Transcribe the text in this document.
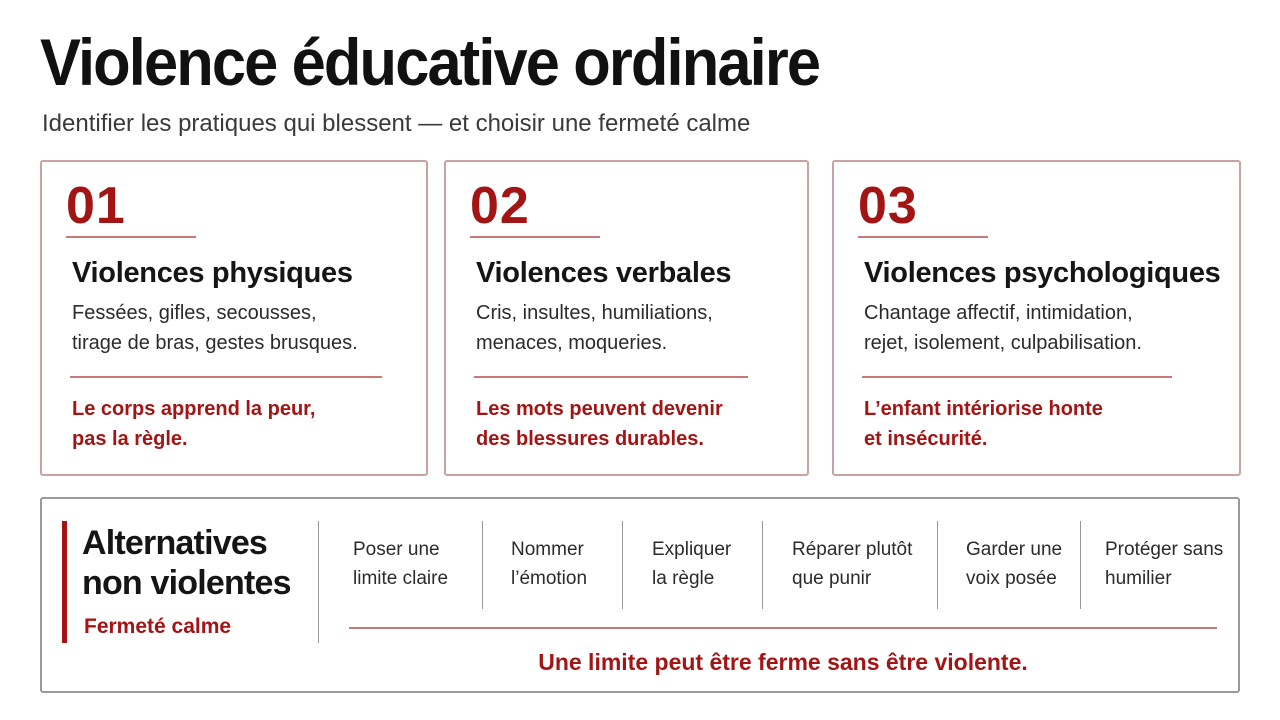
Violence éducative ordinaire
Identifier les pratiques qui blessent — et choisir une fermeté calme
01
Violences physiques
Fessées, gifles, secousses,
tirage de bras, gestes brusques.
Le corps apprend la peur,
pas la règle.
02
Violences verbales
Cris, insultes, humiliations,
menaces, moqueries.
Les mots peuvent devenir
des blessures durables.
03
Violences psychologiques
Chantage affectif, intimidation,
rejet, isolement, culpabilisation.
L’enfant intériorise honte
et insécurité.
Alternatives
non violentes
Fermeté calme
Poser une
limite claire
Nommer
l’émotion
Expliquer
la règle
Réparer plutôt
que punir
Garder une
voix posée
Protéger sans
humilier
Une limite peut être ferme sans être violente.
